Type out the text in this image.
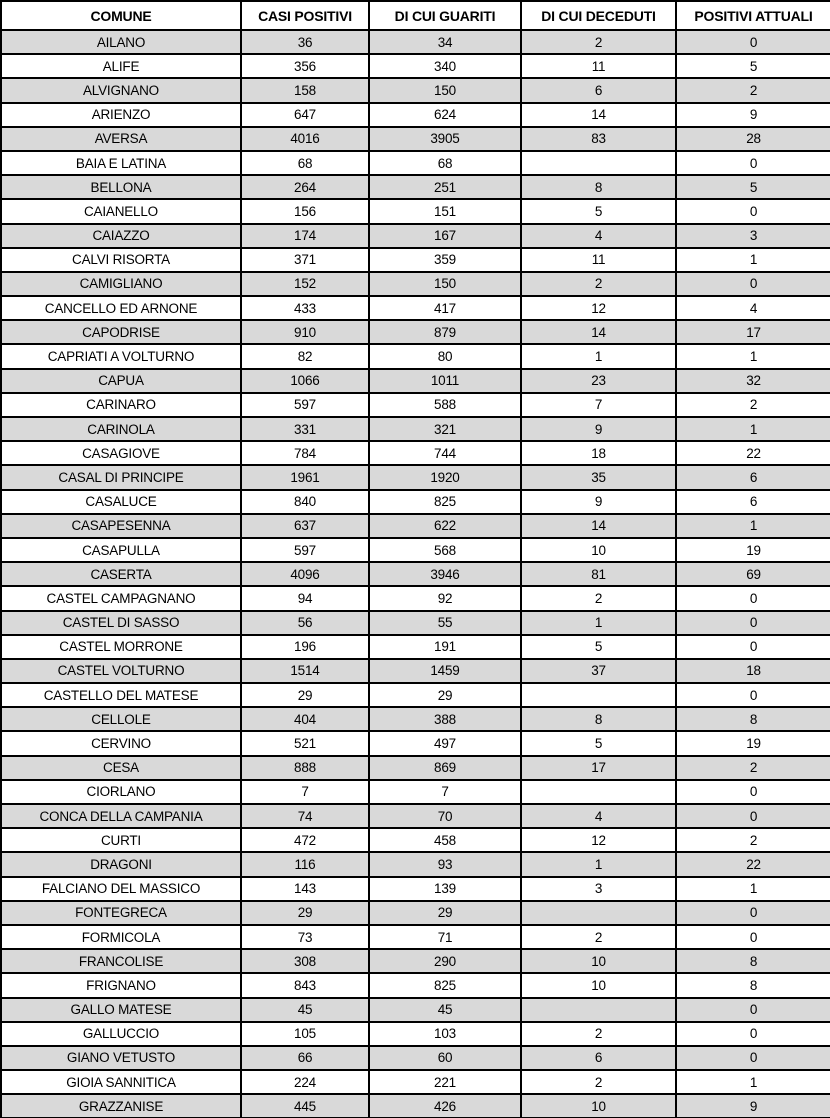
COMUNE	CASI POSITIVI	DI CUI GUARITI	DI CUI DECEDUTI	POSITIVI ATTUALI
AILANO	36	34	2	0
ALIFE	356	340	11	5
ALVIGNANO	158	150	6	2
ARIENZO	647	624	14	9
AVERSA	4016	3905	83	28
BAIA E LATINA	68	68		0
BELLONA	264	251	8	5
CAIANELLO	156	151	5	0
CAIAZZO	174	167	4	3
CALVI RISORTA	371	359	11	1
CAMIGLIANO	152	150	2	0
CANCELLO ED ARNONE	433	417	12	4
CAPODRISE	910	879	14	17
CAPRIATI A VOLTURNO	82	80	1	1
CAPUA	1066	1011	23	32
CARINARO	597	588	7	2
CARINOLA	331	321	9	1
CASAGIOVE	784	744	18	22
CASAL DI PRINCIPE	1961	1920	35	6
CASALUCE	840	825	9	6
CASAPESENNA	637	622	14	1
CASAPULLA	597	568	10	19
CASERTA	4096	3946	81	69
CASTEL CAMPAGNANO	94	92	2	0
CASTEL DI SASSO	56	55	1	0
CASTEL MORRONE	196	191	5	0
CASTEL VOLTURNO	1514	1459	37	18
CASTELLO DEL MATESE	29	29		0
CELLOLE	404	388	8	8
CERVINO	521	497	5	19
CESA	888	869	17	2
CIORLANO	7	7		0
CONCA DELLA CAMPANIA	74	70	4	0
CURTI	472	458	12	2
DRAGONI	116	93	1	22
FALCIANO DEL MASSICO	143	139	3	1
FONTEGRECA	29	29		0
FORMICOLA	73	71	2	0
FRANCOLISE	308	290	10	8
FRIGNANO	843	825	10	8
GALLO MATESE	45	45		0
GALLUCCIO	105	103	2	0
GIANO VETUSTO	66	60	6	0
GIOIA SANNITICA	224	221	2	1
GRAZZANISE	445	426	10	9
